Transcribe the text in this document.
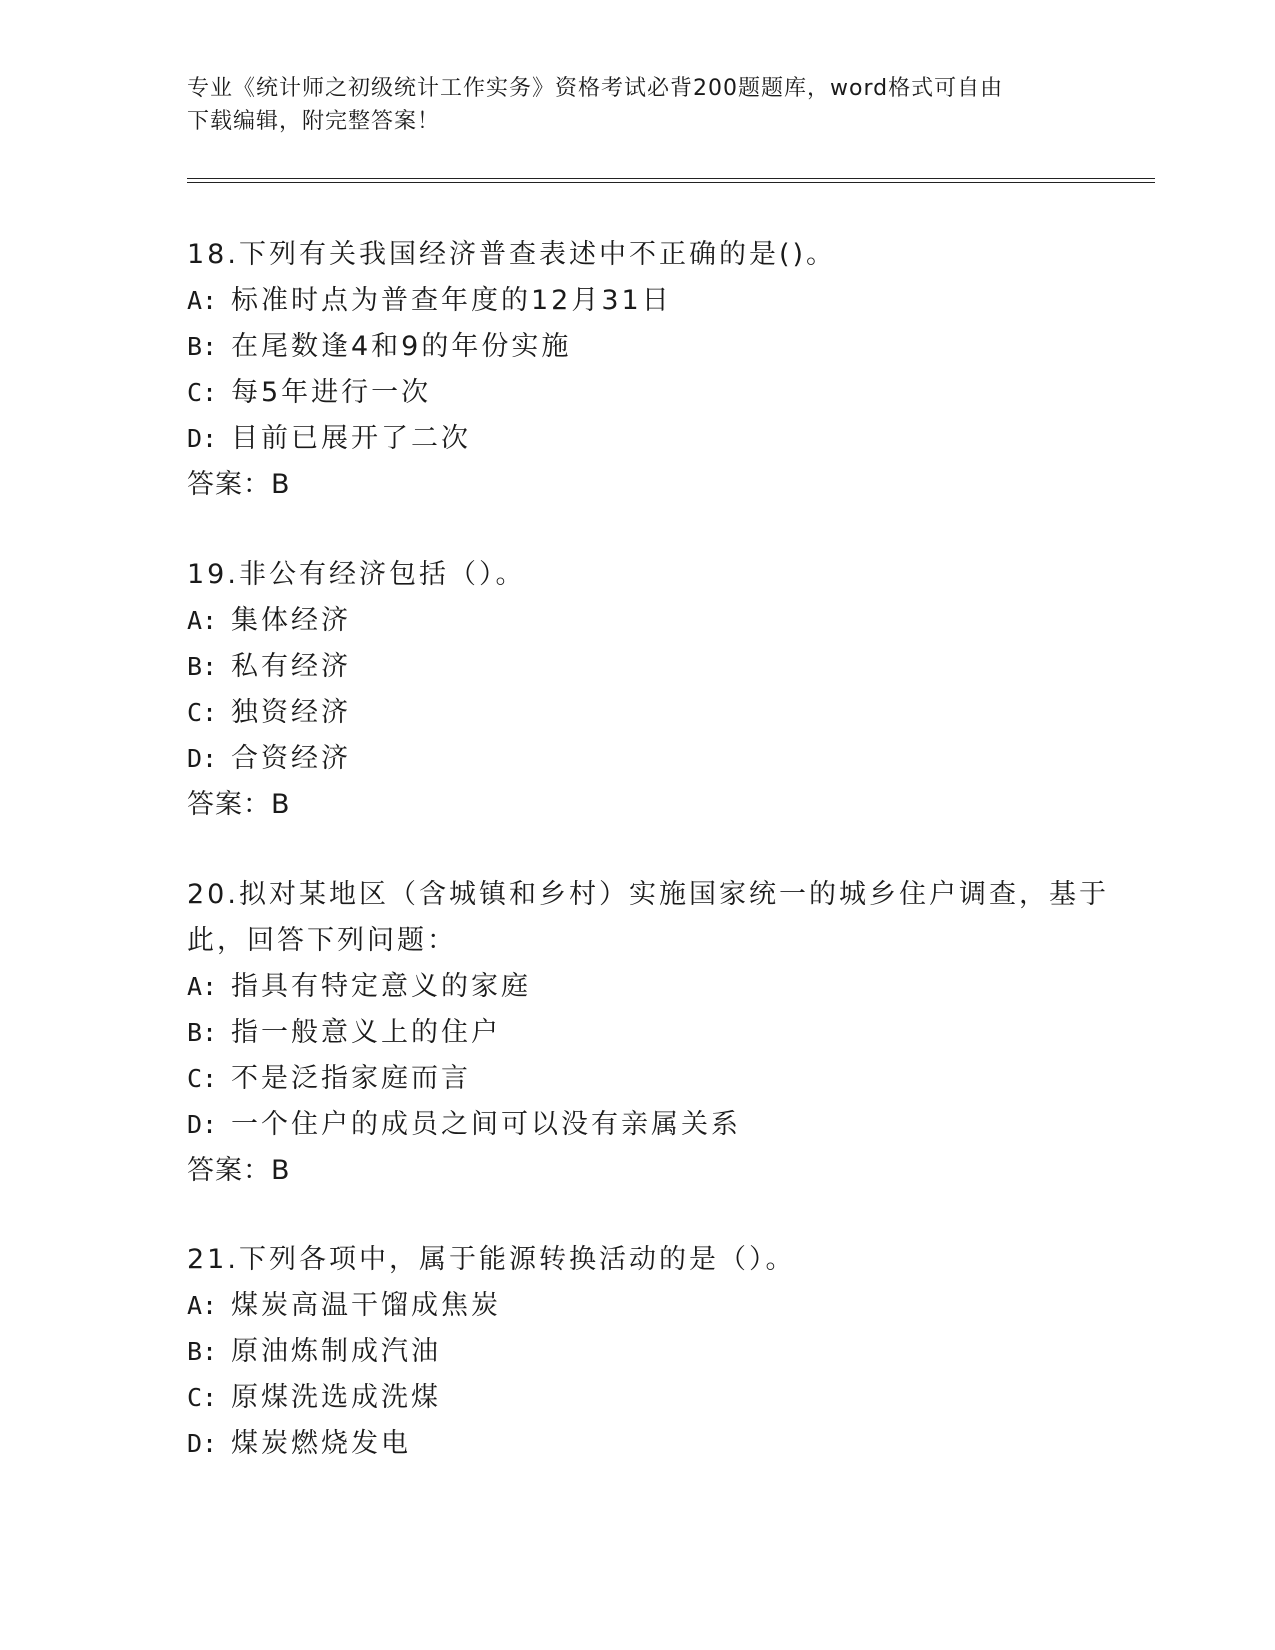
专业《统计师之初级统计工作实务》资格考试必背200题题库，word格式可自由
下载编辑，附完整答案！
18.下列有关我国经济普查表述中不正确的是()。
A: 标准时点为普查年度的12月31日
B: 在尾数逢4和9的年份实施
C: 每5年进行一次
D: 目前已展开了二次
答案：B
19.非公有经济包括（）。
A: 集体经济
B: 私有经济
C: 独资经济
D: 合资经济
答案：B
20.拟对某地区（含城镇和乡村）实施国家统一的城乡住户调查，基于
此，回答下列问题：
A: 指具有特定意义的家庭
B: 指一般意义上的住户
C: 不是泛指家庭而言
D: 一个住户的成员之间可以没有亲属关系
答案：B
21.下列各项中，属于能源转换活动的是（）。
A: 煤炭高温干馏成焦炭
B: 原油炼制成汽油
C: 原煤洗选成洗煤
D: 煤炭燃烧发电
